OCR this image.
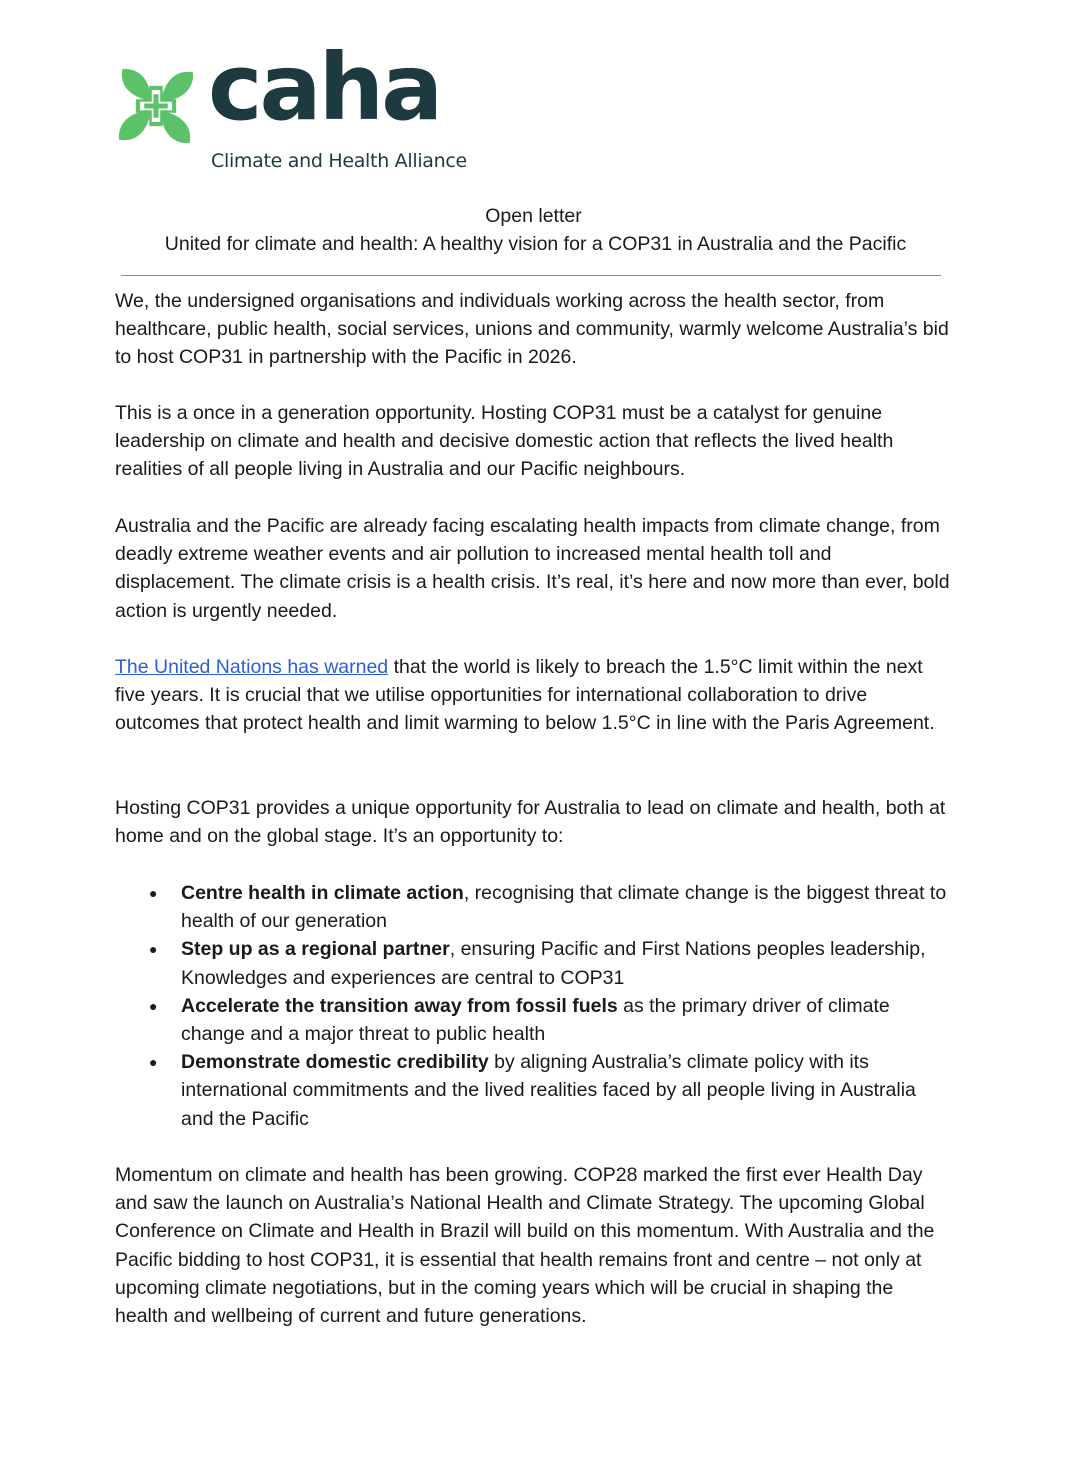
caha
Climate and Health Alliance
Open letter
United for climate and health: A healthy vision for a COP31 in Australia and the Pacific

We, the undersigned organisations and individuals working across the health sector, from healthcare, public health, social services, unions and community, warmly welcome Australia’s bid to host COP31 in partnership with the Pacific in 2026.

This is a once in a generation opportunity. Hosting COP31 must be a catalyst for genuine leadership on climate and health and decisive domestic action that reflects the lived health realities of all people living in Australia and our Pacific neighbours.

Australia and the Pacific are already facing escalating health impacts from climate change, from deadly extreme weather events and air pollution to increased mental health toll and displacement. The climate crisis is a health crisis. It’s real, it’s here and now more than ever, bold action is urgently needed.

The United Nations has warned that the world is likely to breach the 1.5°C limit within the next five years. It is crucial that we utilise opportunities for international collaboration to drive outcomes that protect health and limit warming to below 1.5°C in line with the Paris Agreement.

Hosting COP31 provides a unique opportunity for Australia to lead on climate and health, both at home and on the global stage. It’s an opportunity to:

● Centre health in climate action, recognising that climate change is the biggest threat to health of our generation
● Step up as a regional partner, ensuring Pacific and First Nations peoples leadership, Knowledges and experiences are central to COP31
● Accelerate the transition away from fossil fuels as the primary driver of climate change and a major threat to public health
● Demonstrate domestic credibility by aligning Australia’s climate policy with its international commitments and the lived realities faced by all people living in Australia and the Pacific

Momentum on climate and health has been growing. COP28 marked the first ever Health Day and saw the launch on Australia’s National Health and Climate Strategy. The upcoming Global Conference on Climate and Health in Brazil will build on this momentum. With Australia and the Pacific bidding to host COP31, it is essential that health remains front and centre – not only at upcoming climate negotiations, but in the coming years which will be crucial in shaping the health and wellbeing of current and future generations.
